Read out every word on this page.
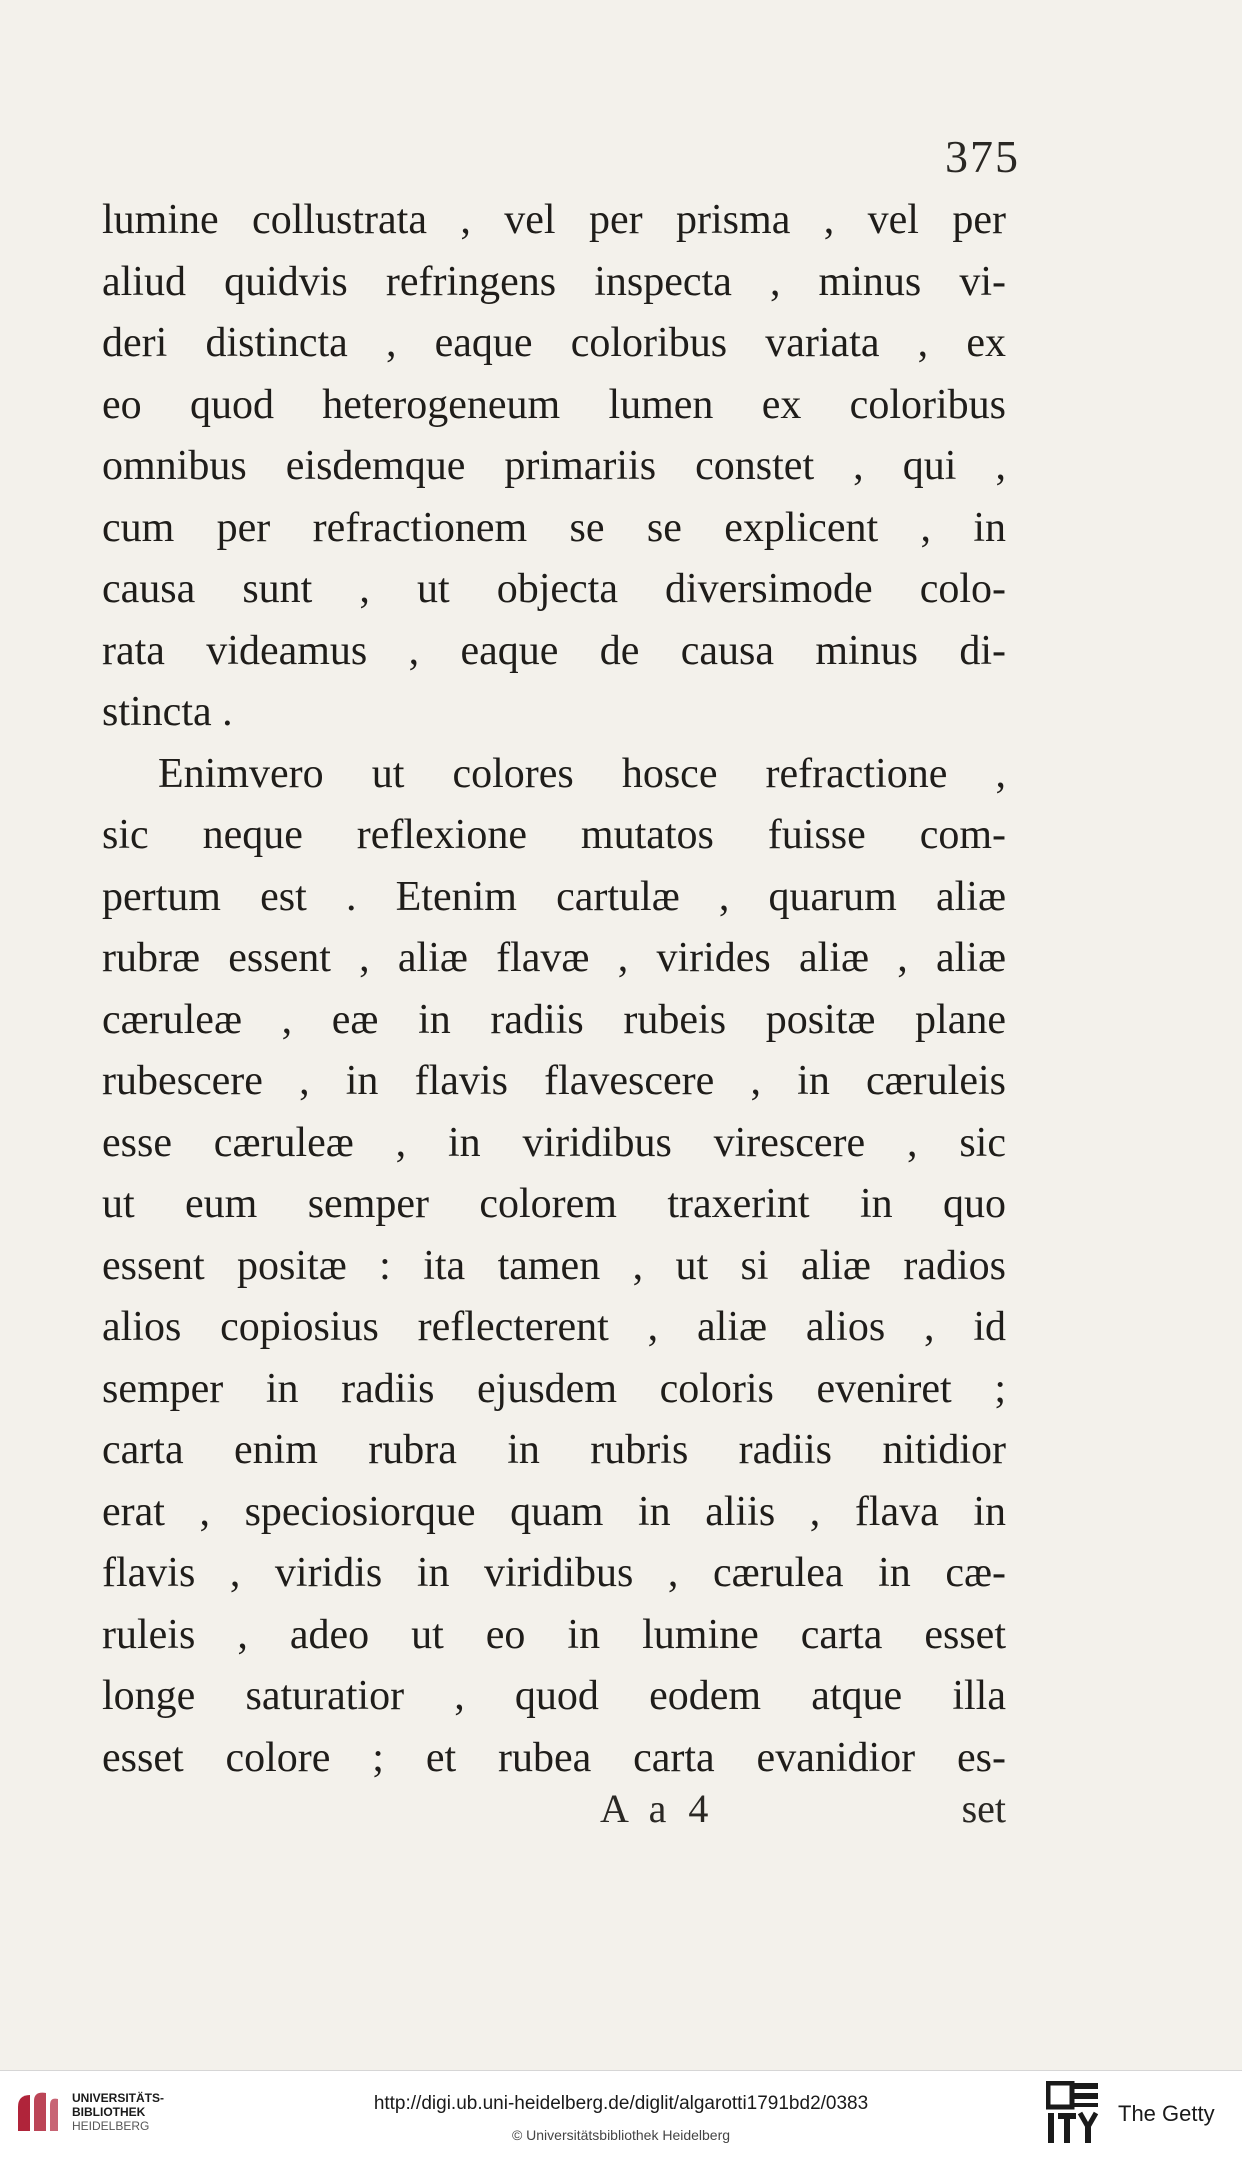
375
lumine collustrata , vel per prisma , vel per
aliud quidvis refringens inspecta , minus vi-
deri distincta , eaque coloribus variata , ex
eo quod heterogeneum lumen ex coloribus
omnibus eisdemque primariis constet , qui ,
cum per refractionem se se explicent , in
causa sunt , ut objecta diversimode colo-
rata videamus , eaque de causa minus di-
stincta .
Enimvero ut colores hosce refractione ,
sic neque reflexione mutatos fuisse com-
pertum est . Etenim cartulæ , quarum aliæ
rubræ essent , aliæ flavæ , virides aliæ , aliæ
cæruleæ , eæ in radiis rubeis positæ plane
rubescere , in flavis flavescere , in cæruleis
esse cæruleæ , in viridibus virescere , sic
ut eum semper colorem traxerint in quo
essent positæ : ita tamen , ut si aliæ radios
alios copiosius reflecterent , aliæ alios , id
semper in radiis ejusdem coloris eveniret ;
carta enim rubra in rubris radiis nitidior
erat , speciosiorque quam in aliis , flava in
flavis , viridis in viridibus , cærulea in cæ-
ruleis , adeo ut eo in lumine carta esset
longe saturatior , quod eodem atque illa
esset colore ; et rubea carta evanidior es-
A a 4	set
UNIVERSITÄTS-
BIBLIOTHEK
HEIDELBERG
http://digi.ub.uni-heidelberg.de/diglit/algarotti1791bd2/0383
© Universitätsbibliothek Heidelberg
The Getty
